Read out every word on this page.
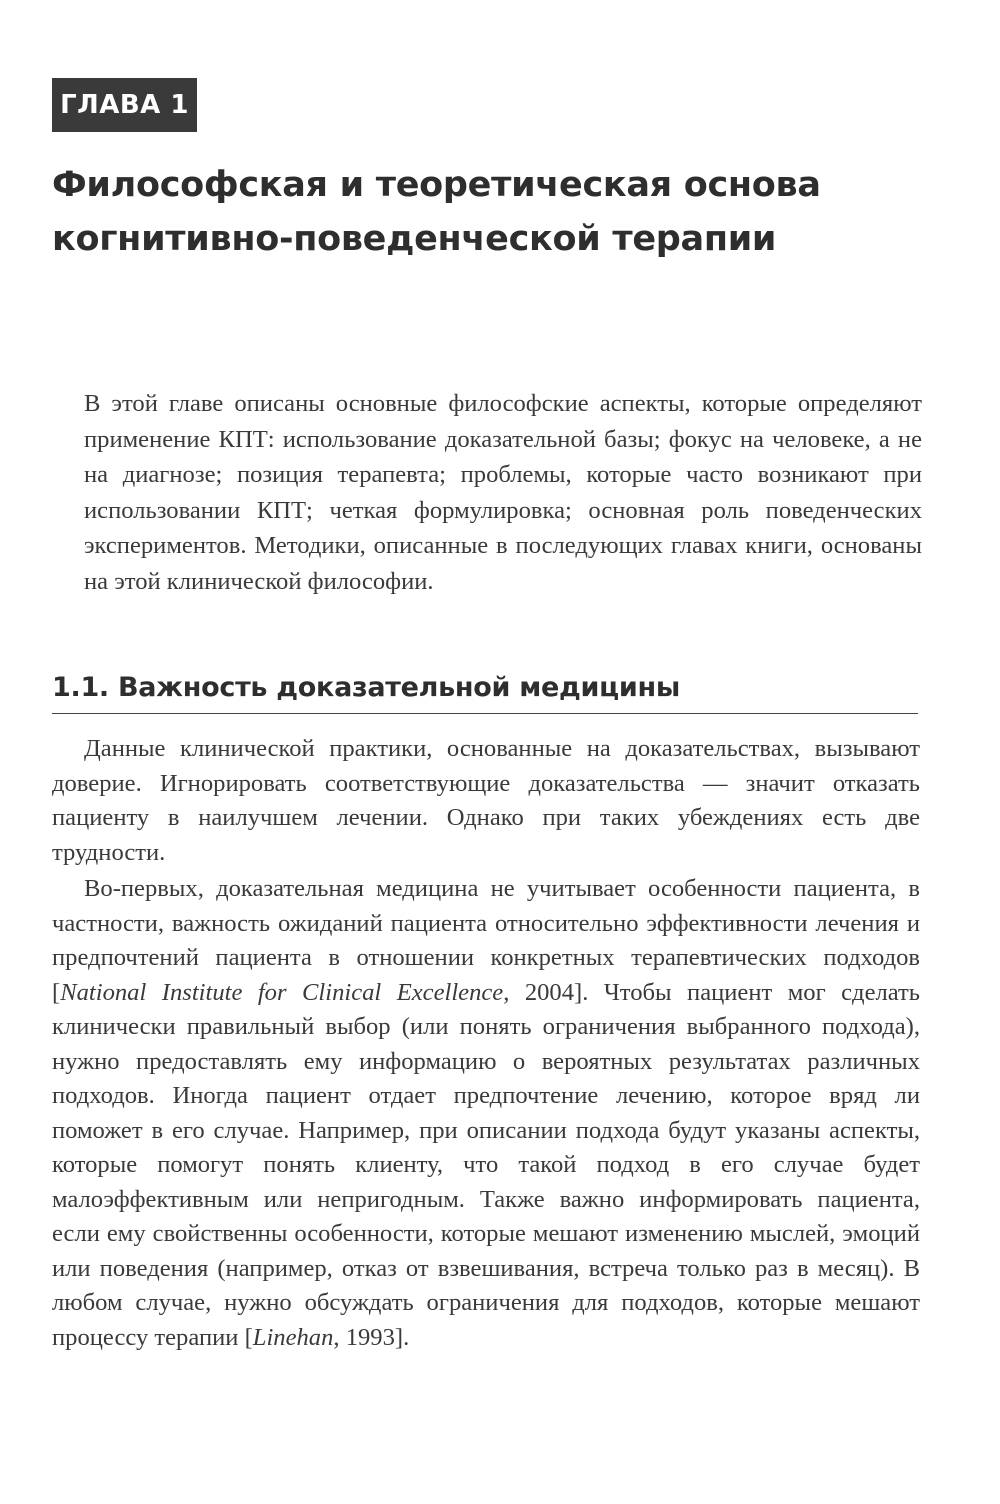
ГЛАВА 1
Философская и теоретическая основа
когнитивно-поведенческой терапии

В этой главе описаны основные философские аспекты, которые определяют применение КПТ: использование доказательной базы; фокус на человеке, а не на диагнозе; позиция терапевта; проблемы, которые часто возникают при использовании КПТ; четкая формулировка; основная роль поведенческих экспериментов. Методики, описанные в последующих главах книги, основаны на этой клинической философии.

1.1. Важность доказательной медицины

Данные клинической практики, основанные на доказательствах, вызывают доверие. Игнорировать соответствующие доказательства — значит отказать пациенту в наилучшем лечении. Однако при таких убеждениях есть две трудности.

Во-первых, доказательная медицина не учитывает особенности пациента, в частности, важность ожиданий пациента относительно эффективности лечения и предпочтений пациента в отношении конкретных терапевтических подходов [National Institute for Clinical Excellence, 2004]. Чтобы пациент мог сделать клинически правильный выбор (или понять ограничения выбранного подхода), нужно предоставлять ему информацию о вероятных результатах различных подходов. Иногда пациент отдает предпочтение лечению, которое вряд ли поможет в его случае. Например, при описании подхода будут указаны аспекты, которые помогут понять клиенту, что такой подход в его случае будет малоэффективным или непригодным. Также важно информировать пациента, если ему свойственны особенности, которые мешают изменению мыслей, эмоций или поведения (например, отказ от взвешивания, встреча только раз в месяц). В любом случае, нужно обсуждать ограничения для подходов, которые мешают процессу терапии [Linehan, 1993].
